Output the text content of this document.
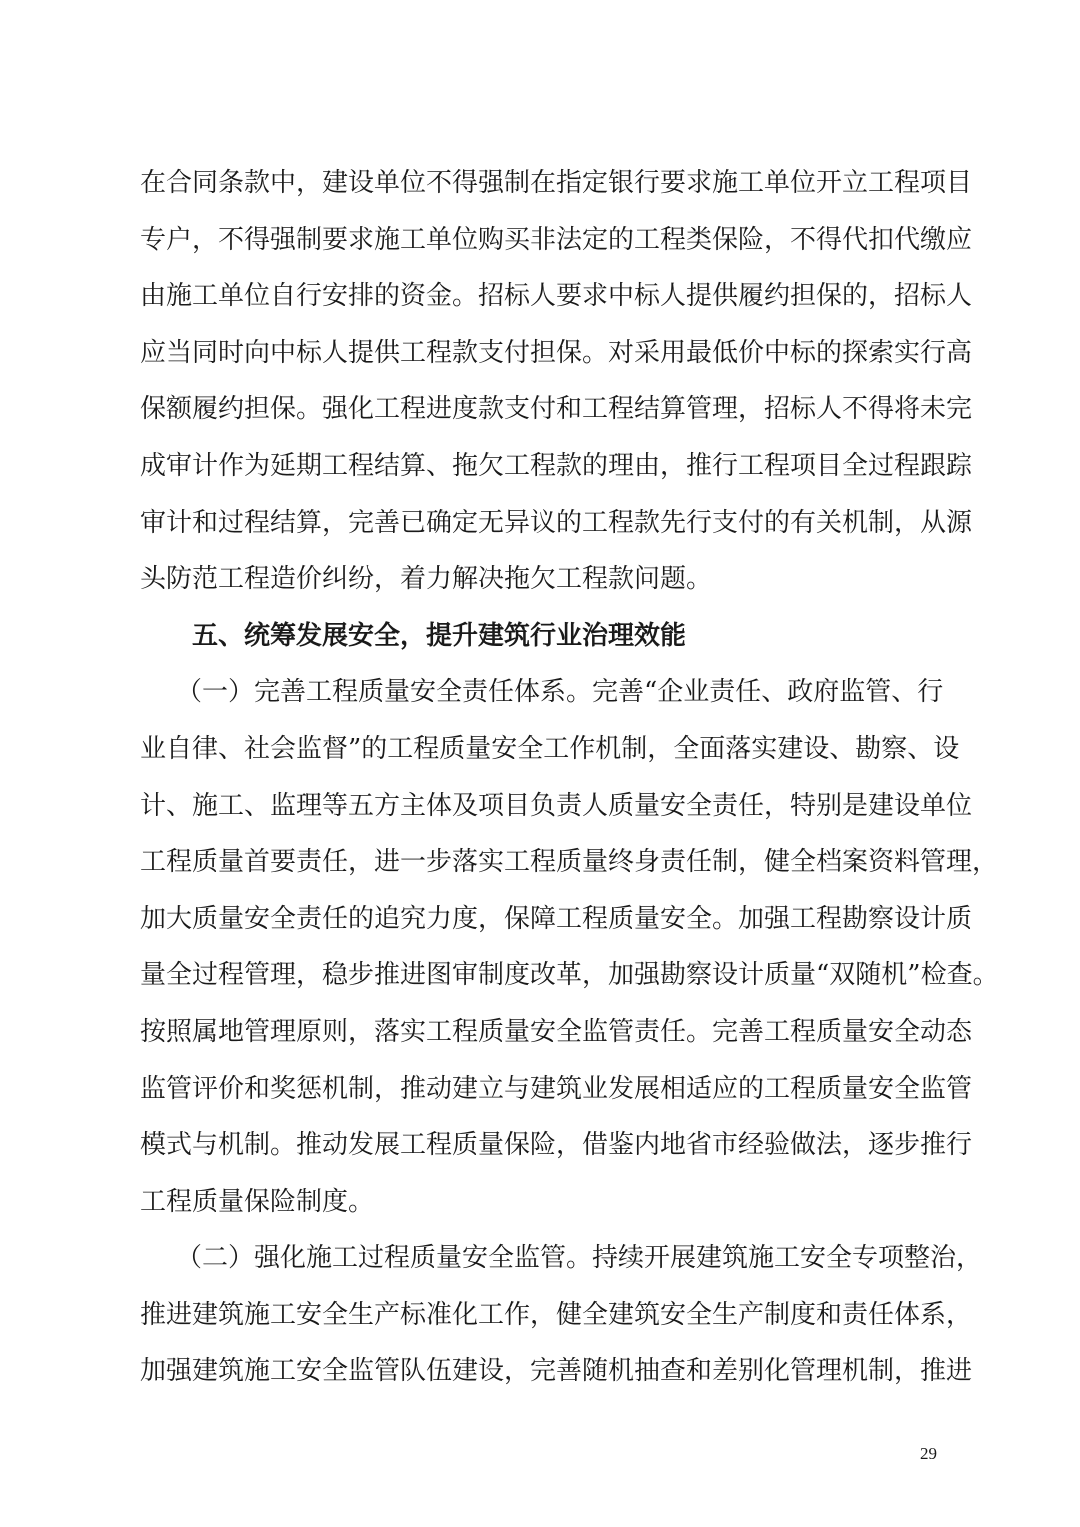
在合同条款中，建设单位不得强制在指定银行要求施工单位开立工程项目
专户，不得强制要求施工单位购买非法定的工程类保险，不得代扣代缴应
由施工单位自行安排的资金。招标人要求中标人提供履约担保的，招标人
应当同时向中标人提供工程款支付担保。对采用最低价中标的探索实行高
保额履约担保。强化工程进度款支付和工程结算管理，招标人不得将未完
成审计作为延期工程结算、拖欠工程款的理由，推行工程项目全过程跟踪
审计和过程结算，完善已确定无异议的工程款先行支付的有关机制，从源
头防范工程造价纠纷，着力解决拖欠工程款问题。
五、统筹发展安全，提升建筑行业治理效能
（一）完善工程质量安全责任体系。完善“企业责任、政府监管、行
业自律、社会监督”的工程质量安全工作机制，全面落实建设、勘察、设
计、施工、监理等五方主体及项目负责人质量安全责任，特别是建设单位
工程质量首要责任，进一步落实工程质量终身责任制，健全档案资料管理，
加大质量安全责任的追究力度，保障工程质量安全。加强工程勘察设计质
量全过程管理，稳步推进图审制度改革，加强勘察设计质量“双随机”检查。
按照属地管理原则，落实工程质量安全监管责任。完善工程质量安全动态
监管评价和奖惩机制，推动建立与建筑业发展相适应的工程质量安全监管
模式与机制。推动发展工程质量保险，借鉴内地省市经验做法，逐步推行
工程质量保险制度。
（二）强化施工过程质量安全监管。持续开展建筑施工安全专项整治，
推进建筑施工安全生产标准化工作，健全建筑安全生产制度和责任体系，
加强建筑施工安全监管队伍建设，完善随机抽查和差别化管理机制，推进
29
